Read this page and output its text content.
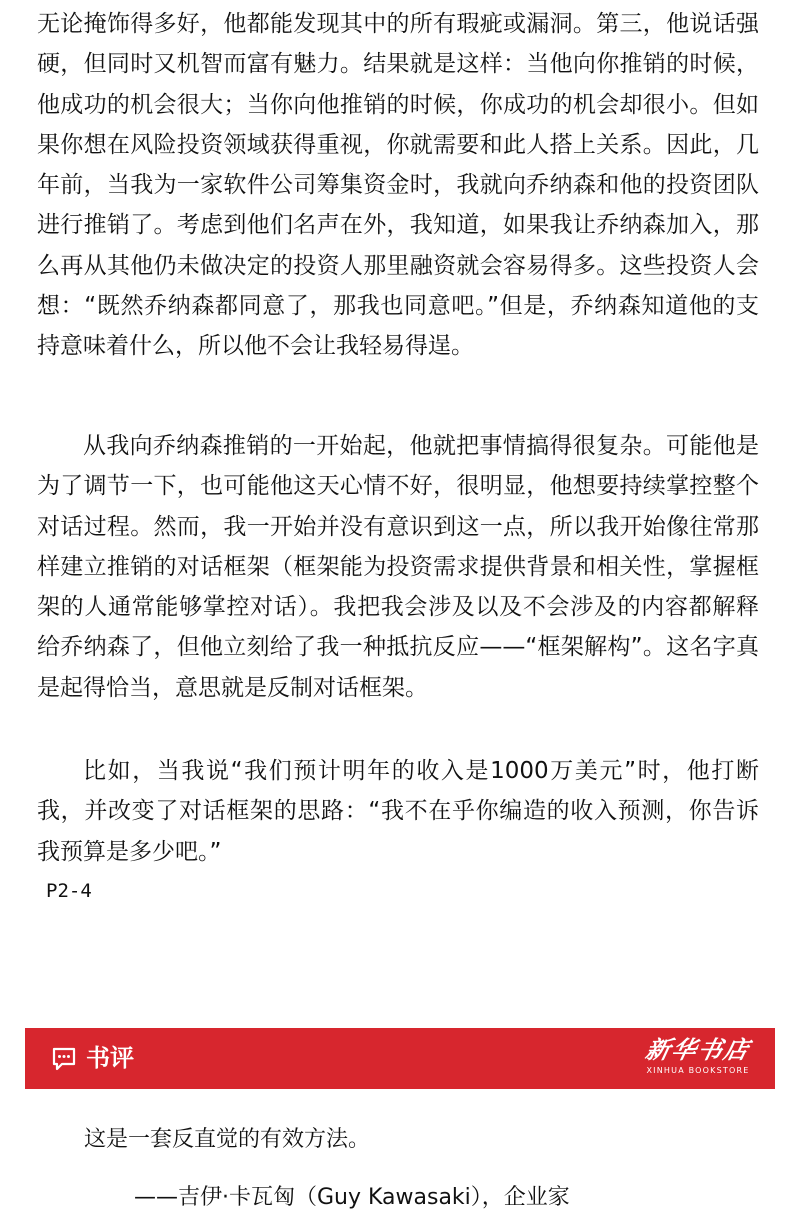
无论掩饰得多好，他都能发现其中的所有瑕疵或漏洞。第三，他说话强硬，但同时又机智而富有魅力。结果就是这样：当他向你推销的时候，他成功的机会很大；当你向他推销的时候，你成功的机会却很小。但如果你想在风险投资领域获得重视，你就需要和此人搭上关系。因此，几年前，当我为一家软件公司筹集资金时，我就向乔纳森和他的投资团队进行推销了。考虑到他们名声在外，我知道，如果我让乔纳森加入，那么再从其他仍未做决定的投资人那里融资就会容易得多。这些投资人会想：“既然乔纳森都同意了，那我也同意吧。”但是，乔纳森知道他的支持意味着什么，所以他不会让我轻易得逞。

从我向乔纳森推销的一开始起，他就把事情搞得很复杂。可能他是为了调节一下，也可能他这天心情不好，很明显，他想要持续掌控整个对话过程。然而，我一开始并没有意识到这一点，所以我开始像往常那样建立推销的对话框架（框架能为投资需求提供背景和相关性，掌握框架的人通常能够掌控对话）。我把我会涉及以及不会涉及的内容都解释给乔纳森了，但他立刻给了我一种抵抗反应——“框架解构”。这名字真是起得恰当，意思就是反制对话框架。

比如，当我说“我们预计明年的收入是1000万美元”时，他打断我，并改变了对话框架的思路：“我不在乎你编造的收入预测，你告诉我预算是多少吧。”

P2-4
书评	新华书店
XINHUA BOOKSTORE

这是一套反直觉的有效方法。

——吉伊·卡瓦匈（Guy Kawasaki），企业家
